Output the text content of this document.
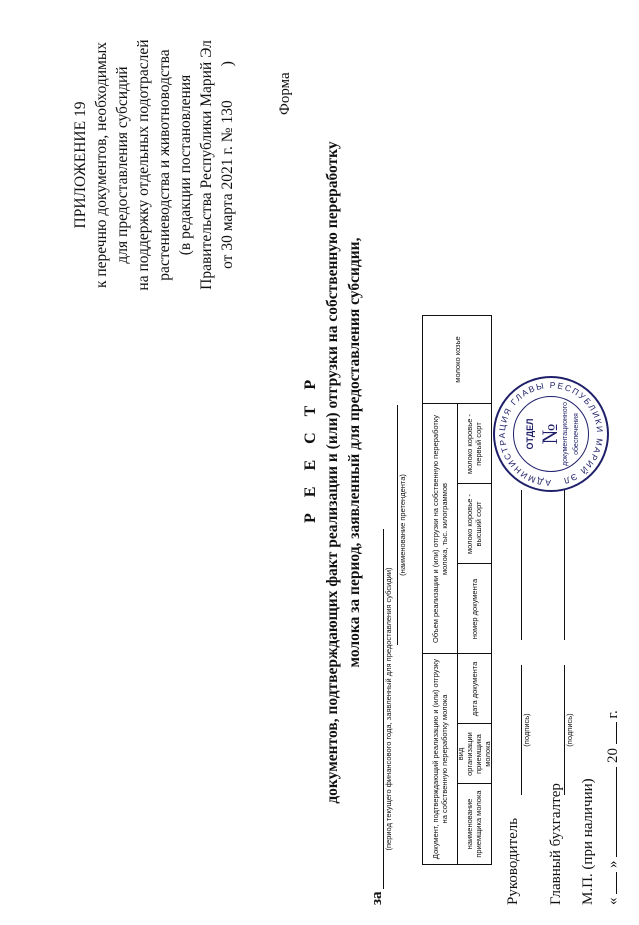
ПРИЛОЖЕНИЕ 19 к перечню документов, необходимых для предоставления субсидий на поддержку отдельных подотраслей растениеводства и животноводства (в редакции постановления Правительства Республики Марий Эл от 30 марта 2021 г. № 130)
Форма
Р Е Е С Т Р документов, подтверждающих факт реализации и (или) отгрузки на собственную переработку молока за период, заявленный для предоставления субсидии,
за
(период текущего финансового года, заявленный для предоставления субсидии)
(наименование претендента)
Документ, подтверждающий реализацию и (или) отгрузку на собственную переработку молока
Объем реализации и (или) отгрузки на собственную переработку молока, тыс. килограммов
наименование приемщика молока
вид организации приемщика молока
дата документа
номер документа
молоко коровье - высший сорт
молоко коровье - первый сорт
молоко козье
Руководитель
(подпись)
Главный бухгалтер
(подпись)
М.П. (при наличии) «  »  20  г.
АДМИНИСТРАЦИЯ ГЛАВЫ РЕСПУБЛИКИ МАРИЙ ЭЛ
№
ОТДЕЛ	документационного обеспечения
